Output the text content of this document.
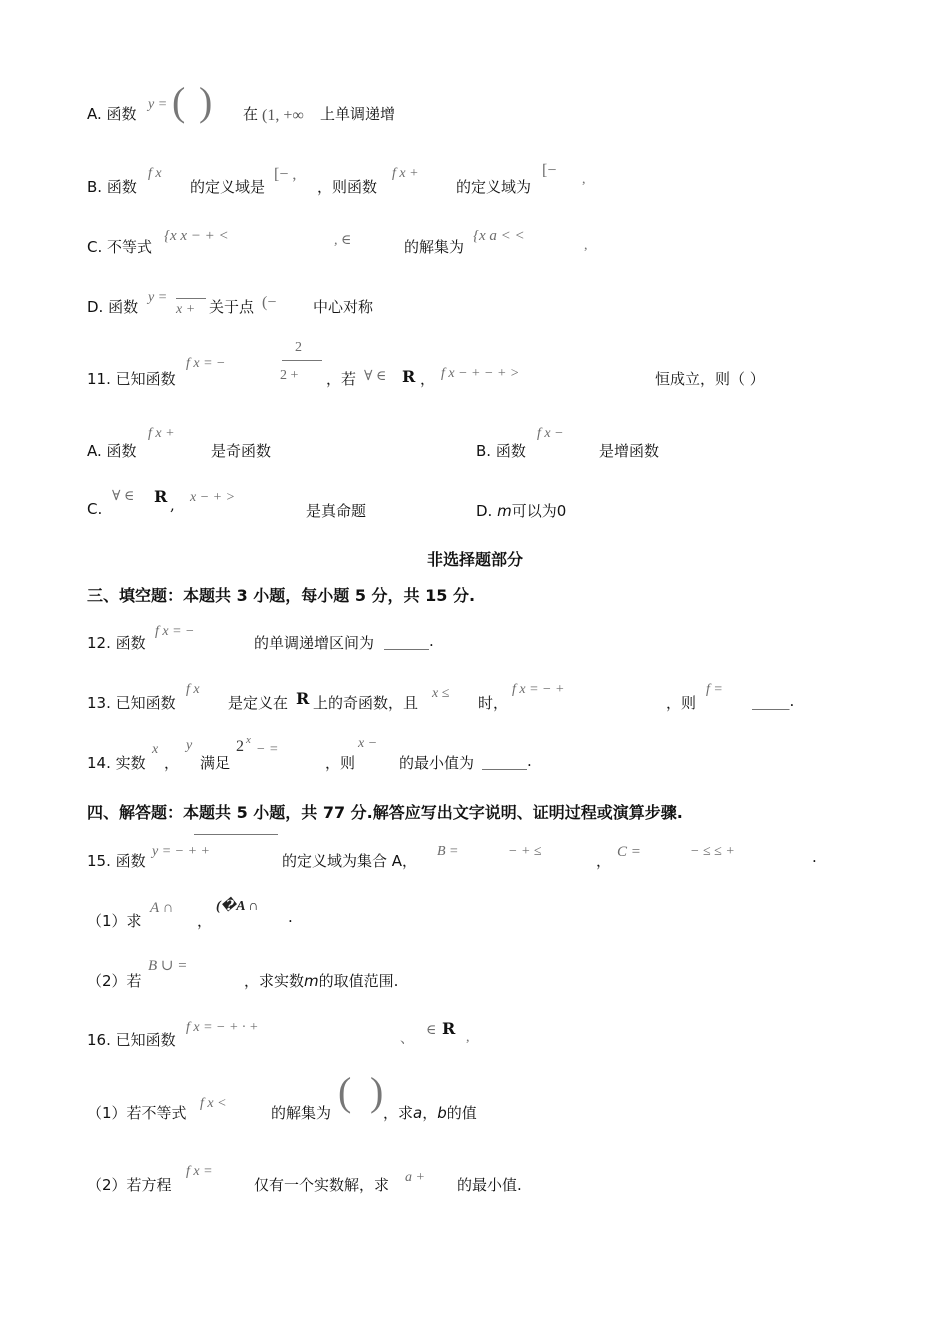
A. 函数
y = ( ) 在 (1, +∞ 上单调递增
B. 函数
f x
的定义域是
[− ,
，则函数
f x +
的定义域为
[−
,
C. 不等式
{x x − + <	, ∈	的解集为
{x a < <
,
D. 函数
y =
x + 关于点 (− 中心对称
11. 已知函数
f x = −
2
2 + ，若 ∀ ∈ R ， f x − + − + >	恒成立，则（ ）
A. 函数
f x +
是奇函数	B. 函数
f x −
是增函数
C.
∀ ∈ R , x − + >
是真命题	D. m可以为0
非选择题部分
三、填空题：本题共 3 小题，每小题 5 分，共 15 分.
12. 函数
f x = −
的单调递增区间为 ______.
13. 已知函数
f x
是定义在 R 上的奇函数，且
x ≤
时，
f x = − +
，则
f =
_____.
14. 实数
x
，
y
满足
2 x
− =
，则
x −
的最小值为 ______.
四、解答题：本题共 5 小题，共 77 分.解答应写出文字说明、证明过程或演算步骤.
15. 函数
y = − + +
的定义域为集合 A，
B =	− + ≤
， C =	− ≤ ≤ +	.
（1）求
A ∩
，
(�A ∩
.
（2）若
B ∪ =
，求实数m的取值范围.
16. 已知函数
f x = − + · +
、
∈ R ,
（1）若不等式
f x <
的解集为 ( ) ，求a，b的值
（2）若方程
f x =
仅有一个实数解，求 a + 的最小值.
